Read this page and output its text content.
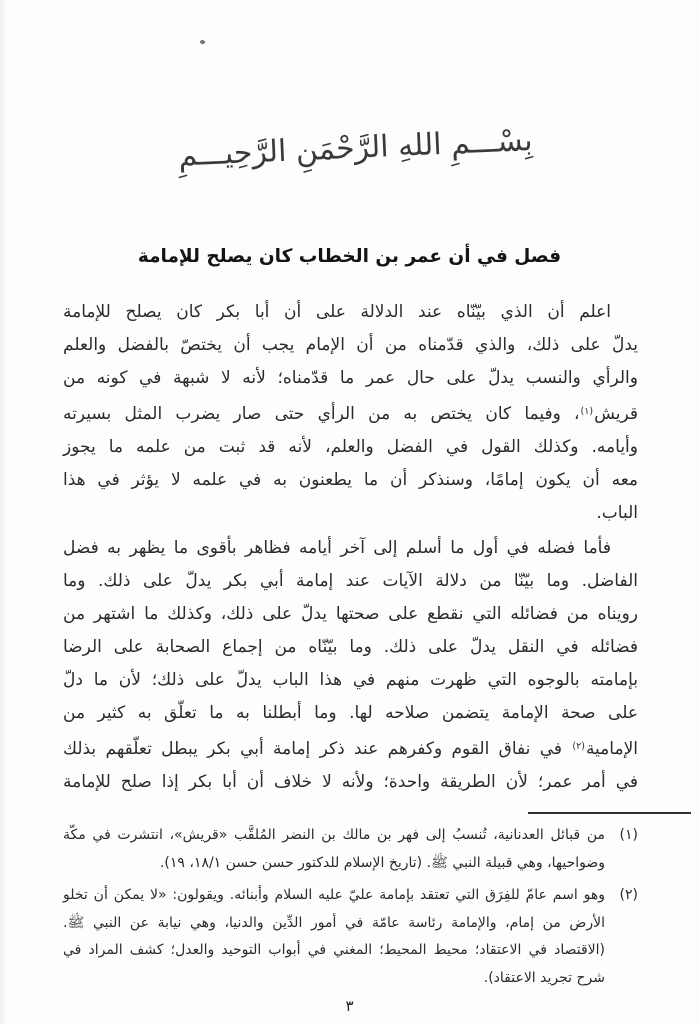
بِسْـــمِ اللهِ الرَّحْمَنِ الرَّحِيـــمِ
فصل في أن عمر بن الخطاب كان يصلح للإمامة
اعلم أن الذي بيّنّاه عند الدلالة على أن أبا بكر كان يصلح للإمامة
يدلّ على ذلك، والذي قدّمناه من أن الإمام يجب أن يختصّ بالفضل والعلم
والرأي والنسب يدلّ على حال عمر ما قدّمناه؛ لأنه لا شبهة في كونه من
قريش$^{(١)}$، وفيما كان يختص به من الرأي حتى صار يضرب المثل بسيرته
وأيامه. وكذلك القول في الفضل والعلم، لأنه قد ثبت من علمه ما يجوز
معه أن يكون إمامًا، وسنذكر أن ما يطعنون به في علمه لا يؤثر في هذا
الباب.
فأما فضله في أول ما أسلم إلى آخر أيامه فظاهر بأقوى ما يظهر به فضل
الفاضل. وما بيّنّا من دلالة الآيات عند إمامة أبي بكر يدلّ على ذلك. وما
رويناه من فضائله التي نقطع على صحتها يدلّ على ذلك، وكذلك ما اشتهر من
فضائله في النقل يدلّ على ذلك. وما بيّنّاه من إجماع الصحابة على الرضا
بإمامته بالوجوه التي ظهرت منهم في هذا الباب يدلّ على ذلك؛ لأن ما دلّ
على صحة الإمامة يتضمن صلاحه لها. وما أبطلنا به ما تعلّق به كثير من
الإمامية$^{(٢)}$ في نفاق القوم وكفرهم عند ذكر إمامة أبي بكر يبطل تعلّقهم بذلك
في أمر عمر؛ لأن الطريقة واحدة؛ ولأنه لا خلاف أن أبا بكر إذا صلح للإمامة
(١)
من قبائل العدنانية، تُنسبُ إلى فهر بن مالك بن النضر المُلقَّب «قريش»، انتشرت في مكّة
وضواحيها، وهي قبيلة النبي ﷺ. (تاريخ الإسلام للدكتور حسن حسن ١٨/١، ١٩).
(٢)
وهو اسم عامّ للفِرَق التي تعتقد بإمامة عليّ عليه السلام وأبنائه. ويقولون: «لا يمكن أن تخلو
الأرض من إمام، والإمامة رئاسة عامّة في أمور الدِّين والدنيا، وهي نيابة عن النبي ﷺ.
(الاقتصاد في الاعتقاد؛ محيط المحيط؛ المغني في أبواب التوحيد والعدل؛ كشف المراد في
شرح تجريد الاعتقاد).
٣
